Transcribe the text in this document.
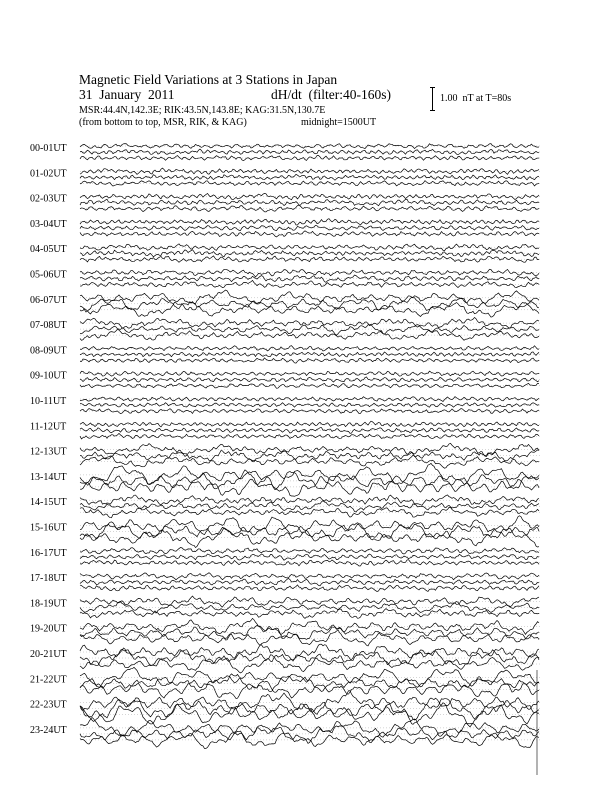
Magnetic Field Variations at 3 Stations in Japan
31  January  2011	dH/dt  (filter:40-160s)
MSR:44.4N,142.3E; RIK:43.5N,143.8E; KAG:31.5N,130.7E
(from bottom to top, MSR, RIK, & KAG)	midnight=1500UT
1.00  nT at T=80s
00-01UT
01-02UT
02-03UT
03-04UT
04-05UT
05-06UT
06-07UT
07-08UT
08-09UT
09-10UT
10-11UT
11-12UT
12-13UT
13-14UT
14-15UT
15-16UT
16-17UT
17-18UT
18-19UT
19-20UT
20-21UT
21-22UT
22-23UT
23-24UT
